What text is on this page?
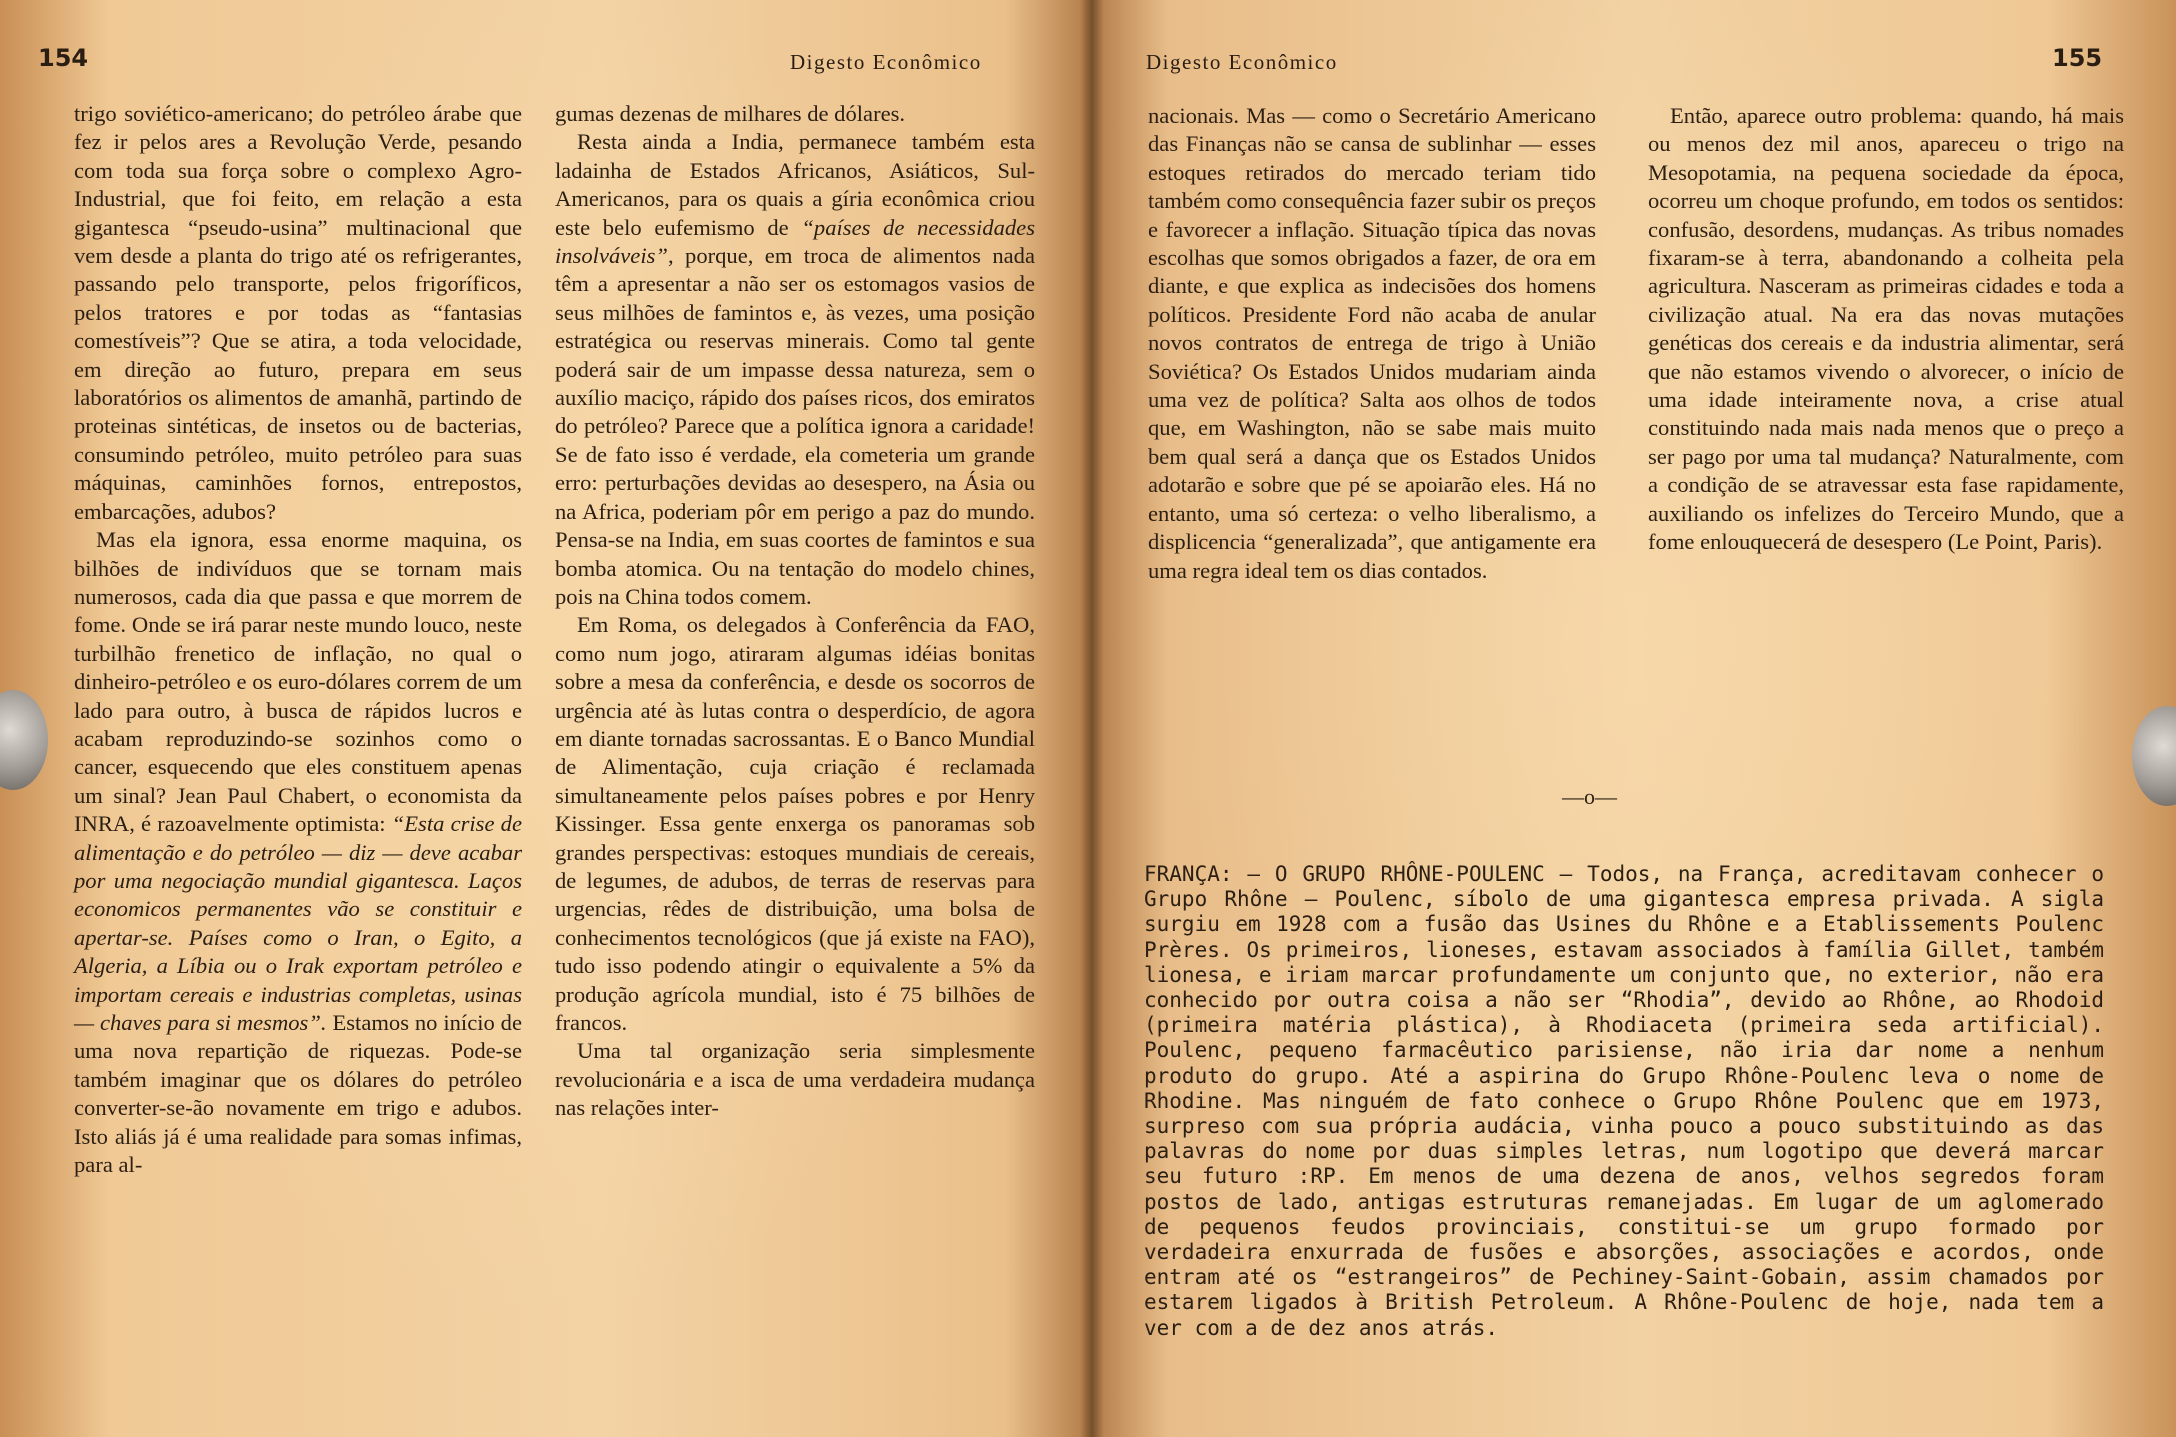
154	Digesto Econômico

trigo soviético-americano; do petróleo árabe que fez ir pelos ares a Revolução Verde, pesando com toda sua força sobre o complexo Agro-Industrial, que foi feito, em relação a esta gigantesca “pseudo-usina” multinacional que vem desde a planta do trigo até os refrigerantes, passando pelo transporte, pelos frigoríficos, pelos tratores e por todas as “fantasias comestíveis”? Que se atira, a toda velocidade, em direção ao futuro, prepara em seus laboratórios os alimentos de amanhã, partindo de proteinas sintéticas, de insetos ou de bacterias, consumindo petróleo, muito petróleo para suas máquinas, caminhões fornos, entrepostos, embarcações, adubos?

Mas ela ignora, essa enorme maquina, os bilhões de indivíduos que se tornam mais numerosos, cada dia que passa e que morrem de fome. Onde se irá parar neste mundo louco, neste turbilhão frenetico de inflação, no qual o dinheiro-petróleo e os euro-dólares correm de um lado para outro, à busca de rápidos lucros e acabam reproduzindo-se sozinhos como o cancer, esquecendo que eles constituem apenas um sinal? Jean Paul Chabert, o economista da INRA, é razoavelmente optimista: “Esta crise de alimentação e do petróleo — diz — deve acabar por uma negociação mundial gigantesca. Laços economicos permanentes vão se constituir e apertar-se. Países como o Iran, o Egito, a Algeria, a Líbia ou o Irak exportam petróleo e importam cereais e industrias completas, usinas — chaves para si mesmos”. Estamos no início de uma nova repartição de riquezas. Pode-se também imaginar que os dólares do petróleo converter-se-ão novamente em trigo e adubos. Isto aliás já é uma realidade para somas infimas, para al-

gumas dezenas de milhares de dólares.

Resta ainda a India, permanece também esta ladainha de Estados Africanos, Asiáticos, Sul-Americanos, para os quais a gíria econômica criou este belo eufemismo de “países de necessidades insolváveis”, porque, em troca de alimentos nada têm a apresentar a não ser os estomagos vasios de seus milhões de famintos e, às vezes, uma posição estratégica ou reservas minerais. Como tal gente poderá sair de um impasse dessa natureza, sem o auxílio maciço, rápido dos países ricos, dos emiratos do petróleo? Parece que a política ignora a caridade! Se de fato isso é verdade, ela cometeria um grande erro: perturbações devidas ao desespero, na Ásia ou na Africa, poderiam pôr em perigo a paz do mundo. Pensa-se na India, em suas coortes de famintos e sua bomba atomica. Ou na tentação do modelo chines, pois na China todos comem.

Em Roma, os delegados à Conferência da FAO, como num jogo, atiraram algumas idéias bonitas sobre a mesa da conferência, e desde os socorros de urgência até às lutas contra o desperdício, de agora em diante tornadas sacrossantas. E o Banco Mundial de Alimentação, cuja criação é reclamada simultaneamente pelos países pobres e por Henry Kissinger. Essa gente enxerga os panoramas sob grandes perspectivas: estoques mundiais de cereais, de legumes, de adubos, de terras de reservas para urgencias, rêdes de distribuição, uma bolsa de conhecimentos tecnológicos (que já existe na FAO), tudo isso podendo atingir o equivalente a 5% da produção agrícola mundial, isto é 75 bilhões de francos.

Uma tal organização seria simplesmente revolucionária e a isca de uma verdadeira mudança nas relações inter-

Digesto Econômico	155

nacionais. Mas — como o Secretário Americano das Finanças não se cansa de sublinhar — esses estoques retirados do mercado teriam tido também como consequência fazer subir os preços e favorecer a inflação. Situação típica das novas escolhas que somos obrigados a fazer, de ora em diante, e que explica as indecisões dos homens políticos. Presidente Ford não acaba de anular novos contratos de entrega de trigo à União Soviética? Os Estados Unidos mudariam ainda uma vez de política? Salta aos olhos de todos que, em Washington, não se sabe mais muito bem qual será a dança que os Estados Unidos adotarão e sobre que pé se apoiarão eles. Há no entanto, uma só certeza: o velho liberalismo, a displicencia “generalizada”, que antigamente era uma regra ideal tem os dias contados.

Então, aparece outro problema: quando, há mais ou menos dez mil anos, apareceu o trigo na Mesopotamia, na pequena sociedade da época, ocorreu um choque profundo, em todos os sentidos: confusão, desordens, mudanças. As tribus nomades fixaram-se à terra, abandonando a colheita pela agricultura. Nasceram as primeiras cidades e toda a civilização atual. Na era das novas mutações genéticas dos cereais e da industria alimentar, será que não estamos vivendo o alvorecer, o início de uma idade inteiramente nova, a crise atual constituindo nada mais nada menos que o preço a ser pago por uma tal mudança? Naturalmente, com a condição de se atravessar esta fase rapidamente, auxiliando os infelizes do Terceiro Mundo, que a fome enlouquecerá de desespero (Le Point, Paris).

—o—
FRANÇA: — O GRUPO RHÔNE-POULENC — Todos, na França, acreditavam conhecer o Grupo Rhône — Poulenc, síbolo de uma gigantesca empresa privada. A sigla surgiu em 1928 com a fusão das Usines du Rhône e a Etablissements Poulenc Prères. Os primeiros, lioneses, estavam associados à família Gillet, também lionesa, e iriam marcar profundamente um conjunto que, no exterior, não era conhecido por outra coisa a não ser “Rhodia”, devido ao Rhône, ao Rhodoid (primeira matéria plástica), à Rhodiaceta (primeira seda artificial). Poulenc, pequeno farmacêutico parisiense, não iria dar nome a nenhum produto do grupo. Até a aspirina do Grupo Rhône-Poulenc leva o nome de Rhodine. Mas ninguém de fato conhece o Grupo Rhône Poulenc que em 1973, surpreso com sua própria audácia, vinha pouco a pouco substituindo as das palavras do nome por duas simples letras, num logotipo que deverá marcar seu futuro :RP. Em menos de uma dezena de anos, velhos segredos foram postos de lado, antigas estruturas remanejadas. Em lugar de um aglomerado de pequenos feudos provinciais, constitui-se um grupo formado por verdadeira enxurrada de fusões e absorções, associações e acordos, onde entram até os “estrangeiros” de Pechiney-Saint-Gobain, assim chamados por estarem ligados à British Petroleum. A Rhône-Poulenc de hoje, nada tem a ver com a de dez anos atrás.
